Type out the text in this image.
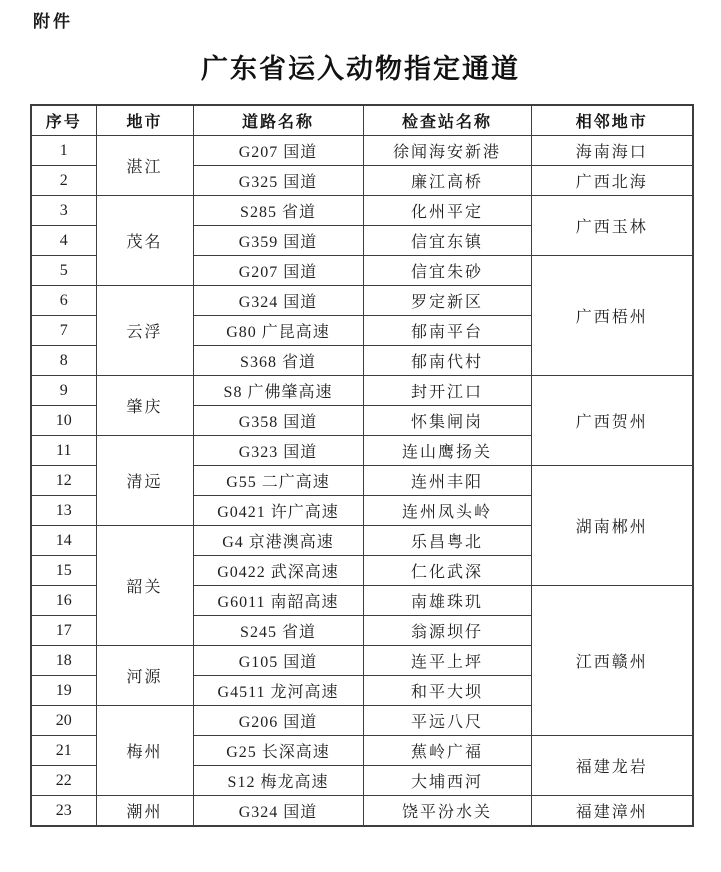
附件
广东省运入动物指定通道
序号	地市	道路名称	检查站名称	相邻地市
1	湛江	G207 国道	徐闻海安新港	海南海口
2		G325 国道	廉江高桥	广西北海
3	茂名	S285 省道	化州平定	广西玉林
4		G359 国道	信宜东镇	
5		G207 国道	信宜朱砂	广西梧州
6	云浮	G324 国道	罗定新区	
7		G80 广昆高速	郁南平台	
8		S368 省道	郁南代村	
9	肇庆	S8 广佛肇高速	封开江口	广西贺州
10		G358 国道	怀集闸岗	
11	清远	G323 国道	连山鹰扬关	
12		G55 二广高速	连州丰阳	湖南郴州
13		G0421 许广高速	连州凤头岭	
14	韶关	G4 京港澳高速	乐昌粤北	
15		G0422 武深高速	仁化武深	
16		G6011 南韶高速	南雄珠玑	江西赣州
17		S245 省道	翁源坝仔	
18	河源	G105 国道	连平上坪	
19		G4511 龙河高速	和平大坝	
20	梅州	G206 国道	平远八尺	
21		G25 长深高速	蕉岭广福	福建龙岩
22		S12 梅龙高速	大埔西河	
23	潮州	G324 国道	饶平汾水关	福建漳州
